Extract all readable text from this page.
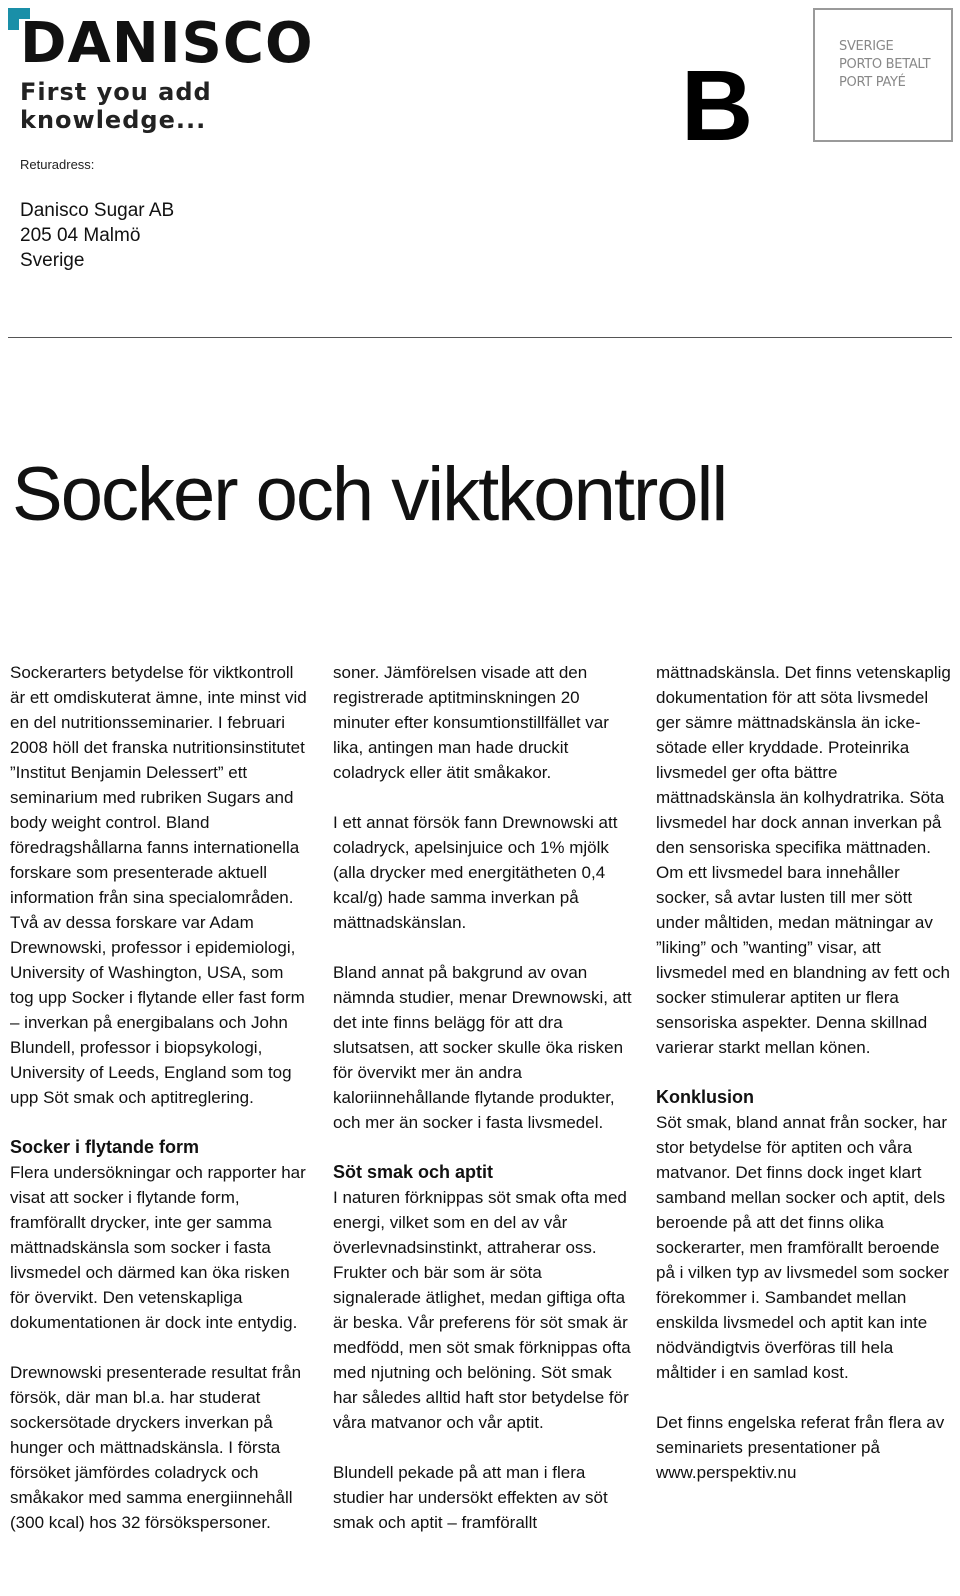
DANISCO
First you add knowledge...	B
SVERIGE
PORTO BETALT
PORT PAYÉ
Returadress:
Danisco Sugar AB
205 04 Malmö
Sverige
Socker och viktkontroll

Sockerarters betydelse för viktkontroll är ett omdiskuterat ämne, inte minst vid en del nutritionsseminarier. I februari 2008 höll det franska nutritionsinstitutet ”Institut Benjamin Delessert” ett seminarium med rubriken Sugars and body weight control. Bland föredragshållarna fanns internationella forskare som presenterade aktuell information från sina specialområden. Två av dessa forskare var Adam Drewnowski, professor i epidemiologi, University of Washington, USA, som tog upp Socker i flytande eller fast form – inverkan på energibalans och John Blundell, professor i biopsykologi, University of Leeds, England som tog upp Söt smak och aptitreglering.

Socker i flytande form

Flera undersökningar och rapporter har visat att socker i flytande form, framförallt drycker, inte ger samma mättnadskänsla som socker i fasta livsmedel och därmed kan öka risken för övervikt. Den vetenskapliga dokumentationen är dock inte entydig.

Drewnowski presenterade resultat från försök, där man bl.a. har studerat sockersötade dryckers inverkan på hunger och mättnadskänsla. I första försöket jämfördes coladryck och småkakor med samma energiinnehåll (300 kcal) hos 32 försökspersoner.

soner. Jämförelsen visade att den registrerade aptitminskningen 20 minuter efter konsumtionstillfället var lika, antingen man hade druckit coladryck eller ätit småkakor.

I ett annat försök fann Drewnowski att coladryck, apelsinjuice och 1% mjölk (alla drycker med energitätheten 0,4 kcal/g) hade samma inverkan på mättnadskänslan.

Bland annat på bakgrund av ovan nämnda studier, menar Drewnowski, att det inte finns belägg för att dra slutsatsen, att socker skulle öka risken för övervikt mer än andra kaloriinnehållande flytande produkter, och mer än socker i fasta livsmedel.

Söt smak och aptit

I naturen förknippas söt smak ofta med energi, vilket som en del av vår överlevnadsinstinkt, attraherar oss. Frukter och bär som är söta signalerade ätlighet, medan giftiga ofta är beska. Vår preferens för söt smak är medfödd, men söt smak förknippas ofta med njutning och belöning. Söt smak har således alltid haft stor betydelse för våra matvanor och vår aptit.

Blundell pekade på att man i flera studier har undersökt effekten av söt smak och aptit – framförallt

mättnadskänsla. Det finns vetenskaplig dokumentation för att söta livsmedel ger sämre mättnadskänsla än icke-sötade eller kryddade. Proteinrika livsmedel ger ofta bättre mättnadskänsla än kolhydratrika. Söta livsmedel har dock annan inverkan på den sensoriska specifika mättnaden. Om ett livsmedel bara innehåller socker, så avtar lusten till mer sött under måltiden, medan mätningar av ”liking” och ”wanting” visar, att livsmedel med en blandning av fett och socker stimulerar aptiten ur flera sensoriska aspekter. Denna skillnad varierar starkt mellan könen.

Konklusion

Söt smak, bland annat från socker, har stor betydelse för aptiten och våra matvanor. Det finns dock inget klart samband mellan socker och aptit, dels beroende på att det finns olika sockerarter, men framförallt beroende på i vilken typ av livsmedel som socker förekommer i. Sambandet mellan enskilda livsmedel och aptit kan inte nödvändigtvis överföras till hela måltider i en samlad kost.

Det finns engelska referat från flera av seminariets presentationer på www.perspektiv.nu
